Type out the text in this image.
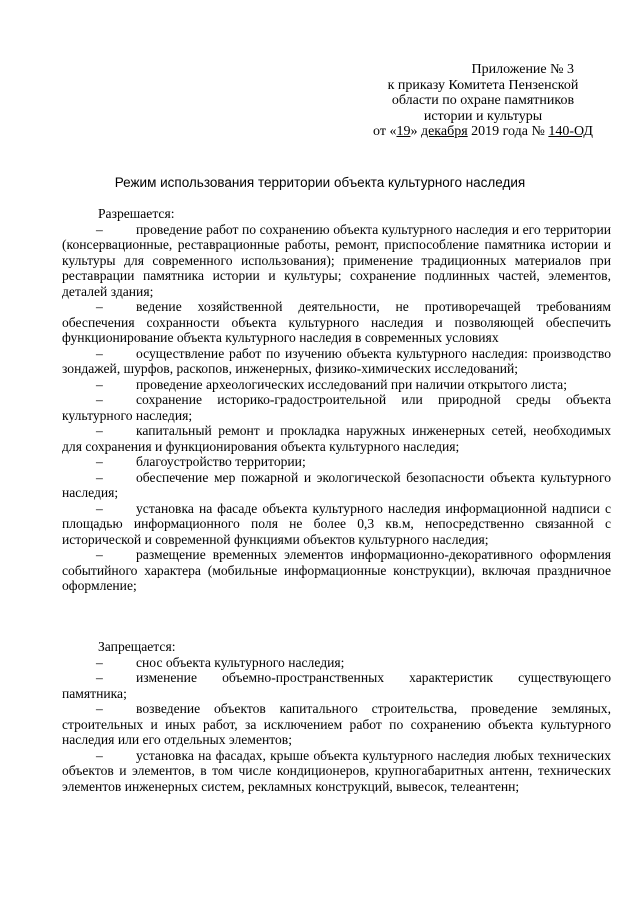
Приложение № 3
к приказу Комитета Пензенской
области по охране памятников
истории и культуры
от «19» декабря 2019 года № 140-ОД
Режим использования территории объекта культурного наследия
Разрешается:
– проведение работ по сохранению объекта культурного наследия и его территории (консервационные, реставрационные работы, ремонт, приспособление памятника истории и культуры для современного использования); применение традиционных материалов при реставрации памятника истории и культуры; сохранение подлинных частей, элементов, деталей здания;
– ведение хозяйственной деятельности, не противоречащей требованиям обеспечения сохранности объекта культурного наследия и позволяющей обеспечить функционирование объекта культурного наследия в современных условиях
– осуществление работ по изучению объекта культурного наследия: производство зондажей, шурфов, раскопов, инженерных, физико-химических исследований;
– проведение археологических исследований при наличии открытого листа;
– сохранение историко-градостроительной или природной среды объекта культурного наследия;
– капитальный ремонт и прокладка наружных инженерных сетей, необходимых для сохранения и функционирования объекта культурного наследия;
– благоустройство территории;
– обеспечение мер пожарной и экологической безопасности объекта культурного наследия;
– установка на фасаде объекта культурного наследия информационной надписи с площадью информационного поля не более 0,3 кв.м, непосредственно связанной с исторической и современной функциями объектов культурного наследия;
– размещение временных элементов информационно-декоративного оформления событийного характера (мобильные информационные конструкции), включая праздничное оформление;
Запрещается:
– снос объекта культурного наследия;
– изменение объемно-пространственных характеристик существующего памятника;
– возведение объектов капитального строительства, проведение земляных, строительных и иных работ, за исключением работ по сохранению объекта культурного наследия или его отдельных элементов;
– установка на фасадах, крыше объекта культурного наследия любых технических объектов и элементов, в том числе кондиционеров, крупногабаритных антенн, технических элементов инженерных систем, рекламных конструкций, вывесок, телеантенн;
